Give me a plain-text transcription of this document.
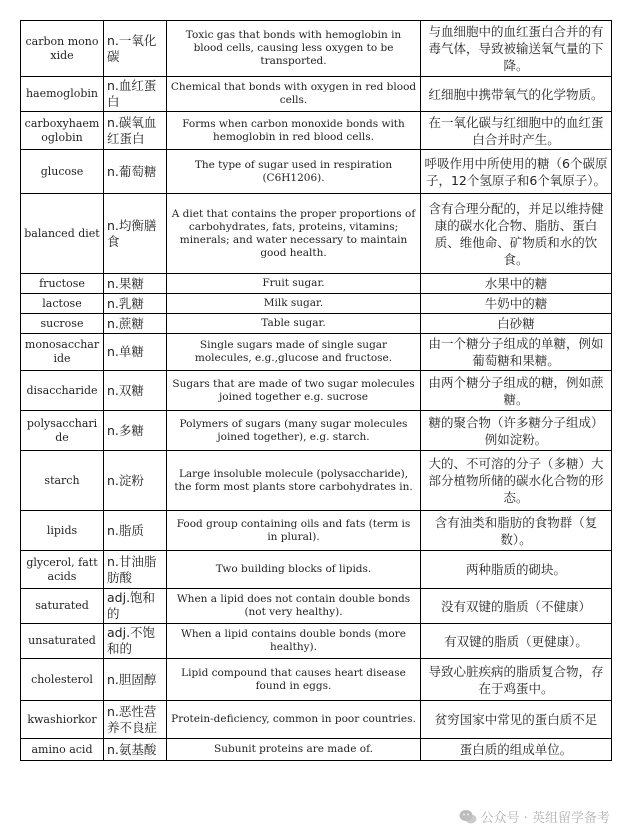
carbon monoxide	n.一氧化碳	Toxic gas that bonds with hemoglobin in blood cells, causing less oxygen to be transported.	与血细胞中的血红蛋白合并的有毒气体，导致被输送氧气量的下降。
haemoglobin	n.血红蛋白	Chemical that bonds with oxygen in red blood cells.	红细胞中携带氧气的化学物质。
carboxyhaemoglobin	n.碳氧血红蛋白	Forms when carbon monoxide bonds with hemoglobin in red blood cells.	在一氧化碳与红细胞中的血红蛋白合并时产生。
glucose	n.葡萄糖	The type of sugar used in respiration (C6H1206).	呼吸作用中所使用的糖（6个碳原子，12个氢原子和6个氧原子）。
balanced diet	n.均衡膳食	A diet that contains the proper proportions of carbohydrates, fats, proteins, vitamins; minerals; and water necessary to maintain good health.	含有合理分配的，并足以维持健康的碳水化合物、脂肪、蛋白质、维他命、矿物质和水的饮食。
fructose	n.果糖	Fruit sugar.	水果中的糖
lactose	n.乳糖	Milk sugar.	牛奶中的糖
sucrose	n.蔗糖	Table sugar.	白砂糖
monosaccharide	n.单糖	Single sugars made of single sugar molecules, e.g.,glucose and fructose.	由一个糖分子组成的单糖，例如葡萄糖和果糖。
disaccharide	n.双糖	Sugars that are made of two sugar molecules joined together e.g. sucrose	由两个糖分子组成的糖，例如蔗糖。
polysaccharide	n.多糖	Polymers of sugars (many sugar molecules joined together), e.g. starch.	糖的聚合物（许多糖分子组成）例如淀粉。
starch	n.淀粉	Large insoluble molecule (polysaccharide), the form most plants store carbohydrates in.	大的、不可溶的分子（多糖）大部分植物所储的碳水化合物的形态。
lipids	n.脂质	Food group containing oils and fats (term is in plural).	含有油类和脂肪的食物群（复数）。
glycerol, fatt acids	n.甘油脂肪酸	Two building blocks of lipids.	两种脂质的砌块。
saturated	adj.饱和的	When a lipid does not contain double bonds (not very healthy).	没有双键的脂质（不健康）
unsaturated	adj.不饱和的	When a lipid contains double bonds (more healthy).	有双键的脂质（更健康）。
cholesterol	n.胆固醇	Lipid compound that causes heart disease found in eggs.	导致心脏疾病的脂质复合物，存在于鸡蛋中。
kwashiorkor	n.恶性营养不良症	Protein-deficiency, common in poor countries.	贫穷国家中常见的蛋白质不足
amino acid	n.氨基酸	Subunit proteins are made of.	蛋白质的组成单位。
公众号 · 英组留学备考
